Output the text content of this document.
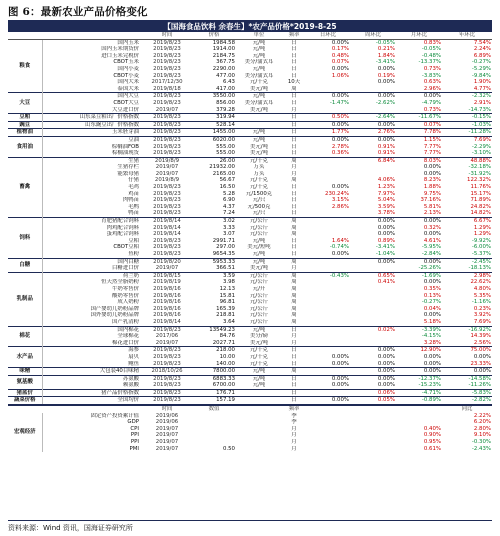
图 6：最新农业产品价格变化
【国海食品饮料 余春生】*农产品价格*2019-8-25
		时间	价格	单位	频率	日环比	周环比	月环比	年环比
粮食	国内玉米	2019/8/23	1984.58	元/吨	日	0.00%	-0.05%	0.83%	7.54%
	国内玉米期货价	2019/8/23	1914.00	元/吨	日	0.17%	0.21%	-0.05%	2.24%
	进口玉米完税价	2019/8/23	2184.75	元/吨	日	0.48%	1.84%	-0.48%	6.89%
	CBOT玉米	2019/8/23	367.75	美分/蒲式耳	日	0.07%	-3.41%	-13.37%	-0.27%
	国内小麦	2019/8/23	2290.00	元/吨	日	0.00%	0.00%	0.73%	-5.29%
	CBOT小麦	2019/8/23	477.00	美分/蒲式耳	日	1.06%	0.19%	-3.83%	-9.84%
	国内大米	2017/12/30	6.43	元/千克	10天		0.00%	0.63%	1.90%
	泰国大米	2019/8/18	417.00	美元/吨	周			2.96%	4.77%
大豆	国内大豆	2019/8/23	3550.00	元/吨	日	0.00%	0.00%	0.00%	-2.32%
	CBOT大豆	2019/8/23	856.00	美分/蒲式耳	日	-1.47%	-2.62%	-4.79%	2.91%
	大豆进口价	2019/07	379.28	美元/吨	月			0.73%	-14.73%
豆粕	山东菜豆粕出厂价格指数	2019/8/23	319.94		日	0.50%	-2.64%	-11.67%	-0.15%
豌豆	山东豌豆出厂价格指数	2019/8/23	528.14		日	0.00%	0.00%	0.07%	-1.03%
植物油	玉米胚芽油	2019/8/23	1455.00	元/吨	日	1.77%	2.76%	7.78%	-11.28%
食用油	豆油	2019/8/23	6020.00	元/吨	日	0.00%	0.00%	1.15%	7.69%
	棕榈油FOB	2019/8/23	555.00	美元/吨	日	2.78%	0.91%	7.77%	-2.29%
	棕榈油现货	2019/8/23	555.00	美元/吨	日	0.36%	0.91%	7.77%	-3.10%
畜禽	生猪	2019/8/9	26.00	元/千克	周		6.84%	8.03%	48.88%
	生猪存栏	2019/07	21932.00	万头	月			0.00%	-32.18%
	能繁母猪	2019/07	2165.00	万头	月			0.00%	-31.92%
	仔猪	2019/8/9	56.67	元/千克	周		4.06%	8.23%	122.32%
	毛鸡	2019/8/23	16.50	元/千克	日	0.00%	1.23%	1.88%	11.76%
	鸡苗	2019/8/23	5.28	元/1500克	日	230.24%	7.97%	9.75%	15.17%
	肉鸭苗	2019/8/23	6.90	元/只	日	3.15%	5.04%	37.16%	71.89%
	毛鸭	2019/8/23	4.37	元/500克	日	2.86%	3.59%	5.81%	24.82%
	鸭苗	2019/8/23	7.24	元/只	日		3.78%	2.13%	14.82%
饲料	育肥猪配合饲料	2019/8/14	3.02	元/公斤	周		0.00%	0.00%	6.67%
	肉鸡配合饲料	2019/8/14	3.33	元/公斤	周		0.00%	0.32%	1.29%
	蛋鸡配合饲料	2019/8/14	3.07	元/公斤	周		0.00%	0.00%	1.29%
	豆粕	2019/8/23	2991.71	元/吨	日	1.64%	0.89%	4.61%	-9.92%
	CBOT豆粕	2019/8/23	297.00	美元/短吨	日	-0.74%	-3.41%	-5.95%	-6.00%
	鱼粉	2019/8/23	9654.35	元/吨	日	0.00%	-1.04%	-2.84%	-5.37%
白糖	国内白糖	2019/8/20	5953.33	元/吨	周		0.00%	0.00%	-2.45%
	白糖进口价	2019/07	366.51	美元/吨	月			-25.26%	-18.13%
乳制品	荷兰奶	2019/8/15	3.59	元/公斤	周	-0.43%	0.65%	-1.69%	2.98%
	恒天然全脂奶粉	2019/8/19	3.98	元/公斤	周		0.41%	0.00%	22.62%
	牛奶零售价	2019/8/16	12.13	元/升	周			0.35%	4.80%
	酸奶零售价	2019/8/16	15.81	元/公斤	周			0.13%	5.35%
	成人奶粉	2019/8/16	96.81	元/公斤	周			-0.27%	-1.16%
	国产婴幼儿奶粉品牌	2019/8/16	165.39	元/公斤	周			0.04%	0.23%
	国外婴幼儿奶粉品牌	2019/8/16	218.81	元/公斤	周			0.00%	3.92%
	国产乳清粉	2019/8/14	3.64	元/公斤	周			5.18%	7.69%
棉花	国内棉花	2019/8/23	13549.23	元/吨	日		0.02%	-3.39%	-16.92%
	全球棉花	2017/06	84.76	美分/磅	月			-4.15%	14.39%
	棉花进口价	2019/07	2027.71	美元/吨	月			3.28%	2.56%
水产品	海参	2019/8/23	218.00	元/千克	日		0.00%	12.90%	75.00%
	扇贝	2019/8/23	10.00	元/千克	日	0.00%	0.00%	0.00%	0.00%
	鲍鱼	2019/8/23	140.00	元/千克	日	0.00%	0.00%	0.00%	23.33%
味精	大包装40目味精	2018/10/26	7800.00	元/吨	周		0.00%	0.00%	0.00%
氨基酸	苏氨酸	2019/8/23	6883.33	元/吨	日	0.00%	0.00%	-12.37%	-14.58%
	赖氨酸	2019/8/23	6700.00	元/吨	日	0.00%	0.00%	-15.23%	-11.26%
猪蓝价	猪产品价格指数	2019/8/23	176.71		日		0.06%	-4.71%	-5.83%
蔬菜价格	全国均价	2019/8/23	157.19		日	0.00%	0.05%	-0.89%	-2.82%
		时间	数值		频率				同比
宏观经济	固定资产投资累计值	2019/06			季				2.22%
	GDP	2019/06			季				6.20%
	CPI	2019/07			月			0.40%	2.80%
	PPI	2019/07			月			0.90%	9.10%
	PPI	2019/07			月			0.95%	-0.30%
	PMI	2019/07	0.50		月			0.61%	-2.43%
资料来源：Wind 资讯，国海证券研究所
